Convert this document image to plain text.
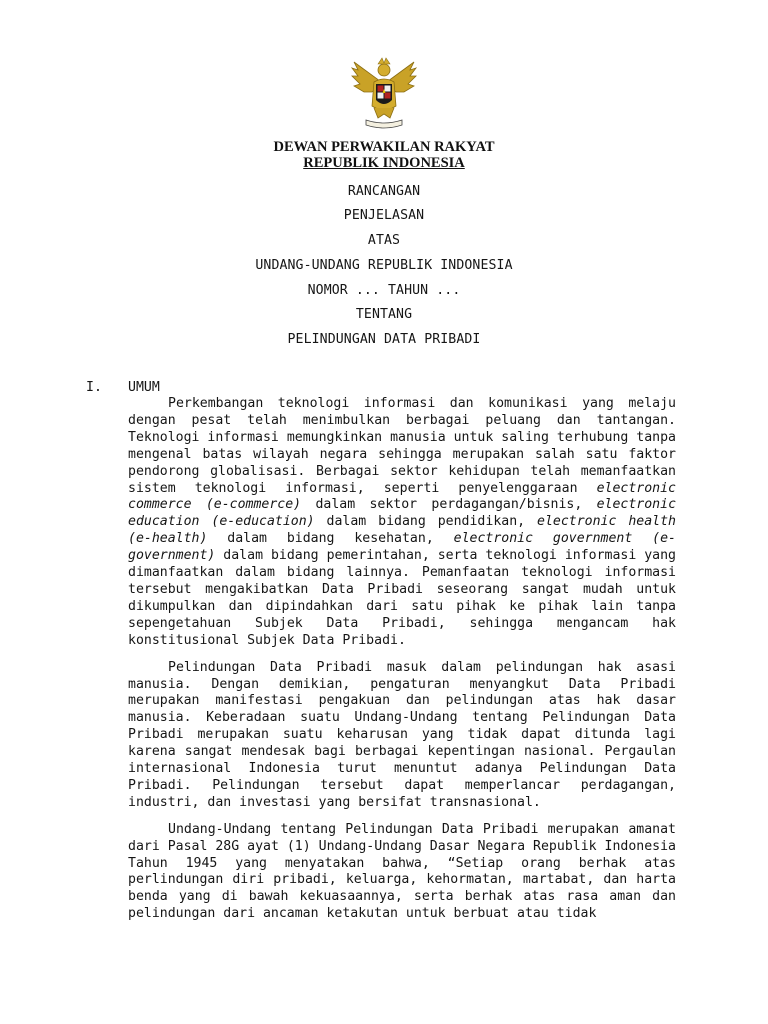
DEWAN PERWAKILAN RAKYAT
REPUBLIK INDONESIA
RANCANGAN
PENJELASAN
ATAS
UNDANG-UNDANG REPUBLIK INDONESIA
NOMOR ... TAHUN ...
TENTANG
PELINDUNGAN DATA PRIBADI
I. UMUM

Perkembangan teknologi informasi dan komunikasi yang melaju dengan pesat telah menimbulkan berbagai peluang dan tantangan. Teknologi informasi memungkinkan manusia untuk saling terhubung tanpa mengenal batas wilayah negara sehingga merupakan salah satu faktor pendorong globalisasi. Berbagai sektor kehidupan telah memanfaatkan sistem teknologi informasi, seperti penyelenggaraan electronic commerce (e-commerce) dalam sektor perdagangan/bisnis, electronic education (e-education) dalam bidang pendidikan, electronic health (e-health) dalam bidang kesehatan, electronic government (e-government) dalam bidang pemerintahan, serta teknologi informasi yang dimanfaatkan dalam bidang lainnya. Pemanfaatan teknologi informasi tersebut mengakibatkan Data Pribadi seseorang sangat mudah untuk dikumpulkan dan dipindahkan dari satu pihak ke pihak lain tanpa sepengetahuan Subjek Data Pribadi, sehingga mengancam hak konstitusional Subjek Data Pribadi.

Pelindungan Data Pribadi masuk dalam pelindungan hak asasi manusia. Dengan demikian, pengaturan menyangkut Data Pribadi merupakan manifestasi pengakuan dan pelindungan atas hak dasar manusia. Keberadaan suatu Undang-Undang tentang Pelindungan Data Pribadi merupakan suatu keharusan yang tidak dapat ditunda lagi karena sangat mendesak bagi berbagai kepentingan nasional. Pergaulan internasional Indonesia turut menuntut adanya Pelindungan Data Pribadi. Pelindungan tersebut dapat memperlancar perdagangan, industri, dan investasi yang bersifat transnasional.

Undang-Undang tentang Pelindungan Data Pribadi merupakan amanat dari Pasal 28G ayat (1) Undang-Undang Dasar Negara Republik Indonesia Tahun 1945 yang menyatakan bahwa, “Setiap orang berhak atas perlindungan diri pribadi, keluarga, kehormatan, martabat, dan harta benda yang di bawah kekuasaannya, serta berhak atas rasa aman dan pelindungan dari ancaman ketakutan untuk berbuat atau tidak
